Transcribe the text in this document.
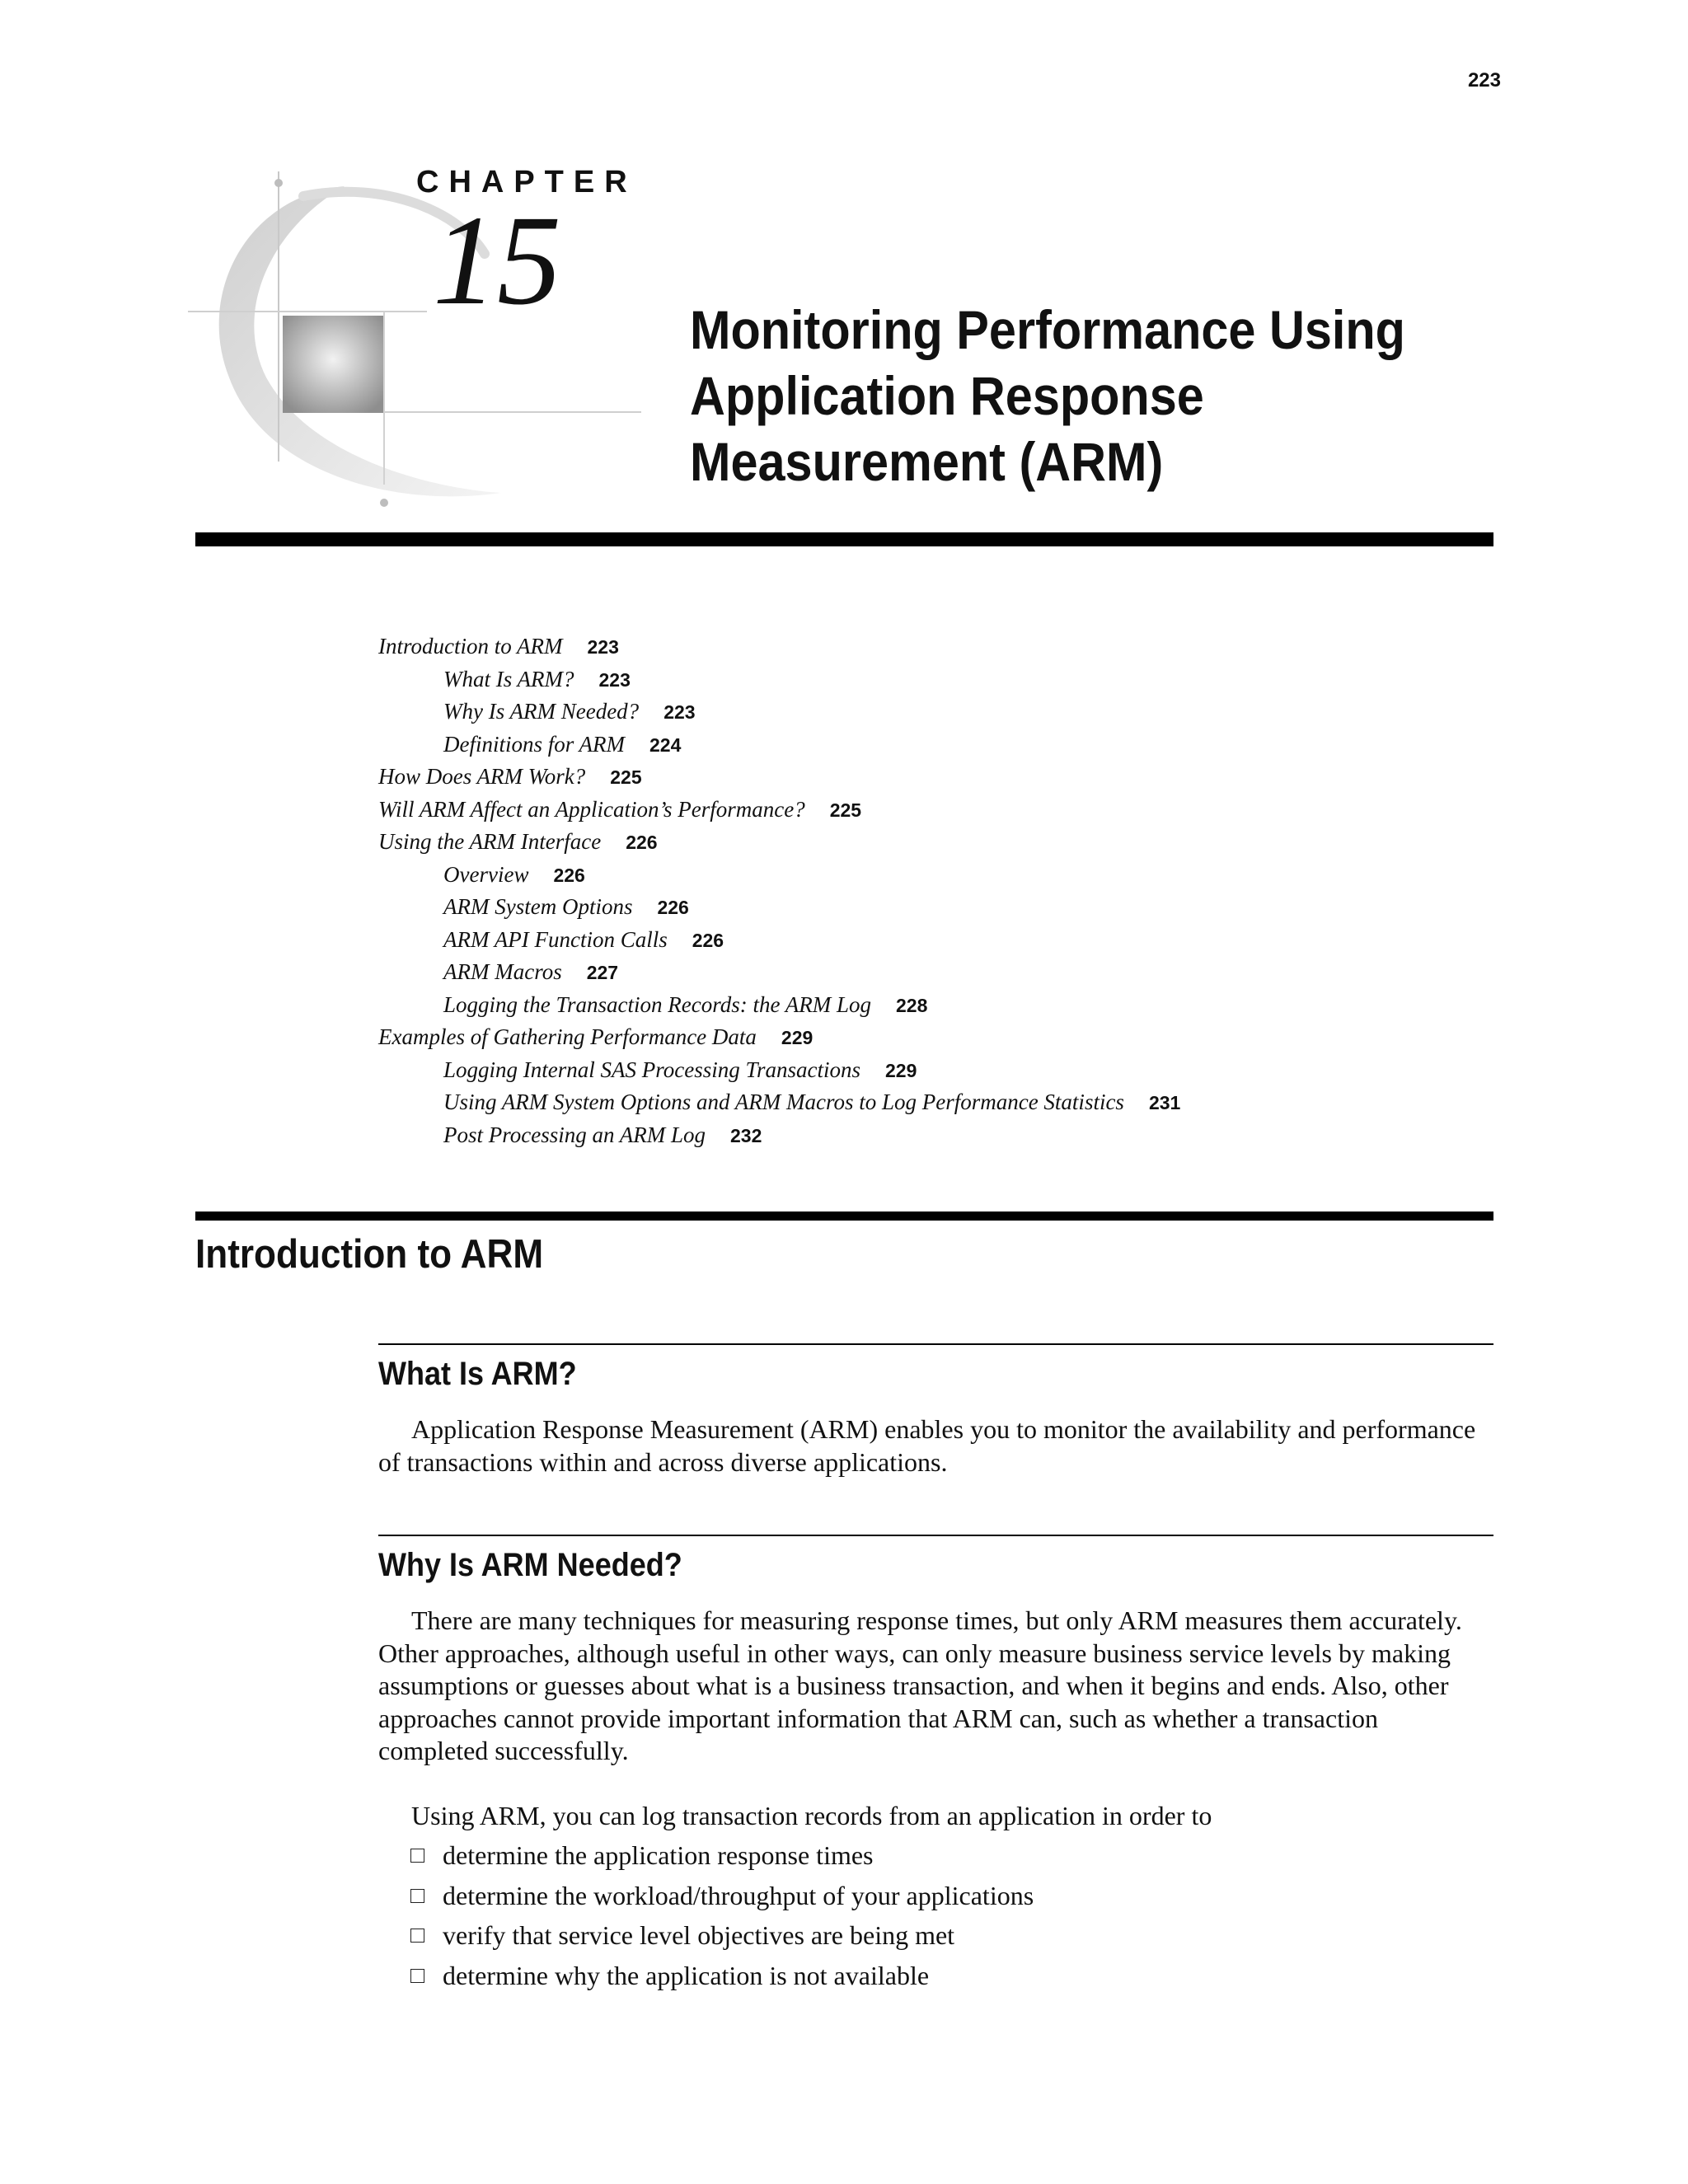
223
CHAPTER
15 Monitoring Performance Using Application Response Measurement (ARM)
Introduction to ARM 223
What Is ARM? 223
Why Is ARM Needed? 223
Definitions for ARM 224
How Does ARM Work? 225
Will ARM Affect an Application’s Performance? 225
Using the ARM Interface 226
Overview 226
ARM System Options 226
ARM API Function Calls 226
ARM Macros 227
Logging the Transaction Records: the ARM Log 228
Examples of Gathering Performance Data 229
Logging Internal SAS Processing Transactions 229
Using ARM System Options and ARM Macros to Log Performance Statistics 231
Post Processing an ARM Log 232
Introduction to ARM
What Is ARM?

Application Response Measurement (ARM) enables you to monitor the availability and performance of transactions within and across diverse applications.

Why Is ARM Needed?

There are many techniques for measuring response times, but only ARM measures them accurately. Other approaches, although useful in other ways, can only measure business service levels by making assumptions or guesses about what is a business transaction, and when it begins and ends. Also, other approaches cannot provide important information that ARM can, such as whether a transaction completed successfully.

Using ARM, you can log transaction records from an application in order to

determine the application response times
determine the workload/throughput of your applications
verify that service level objectives are being met
determine why the application is not available
